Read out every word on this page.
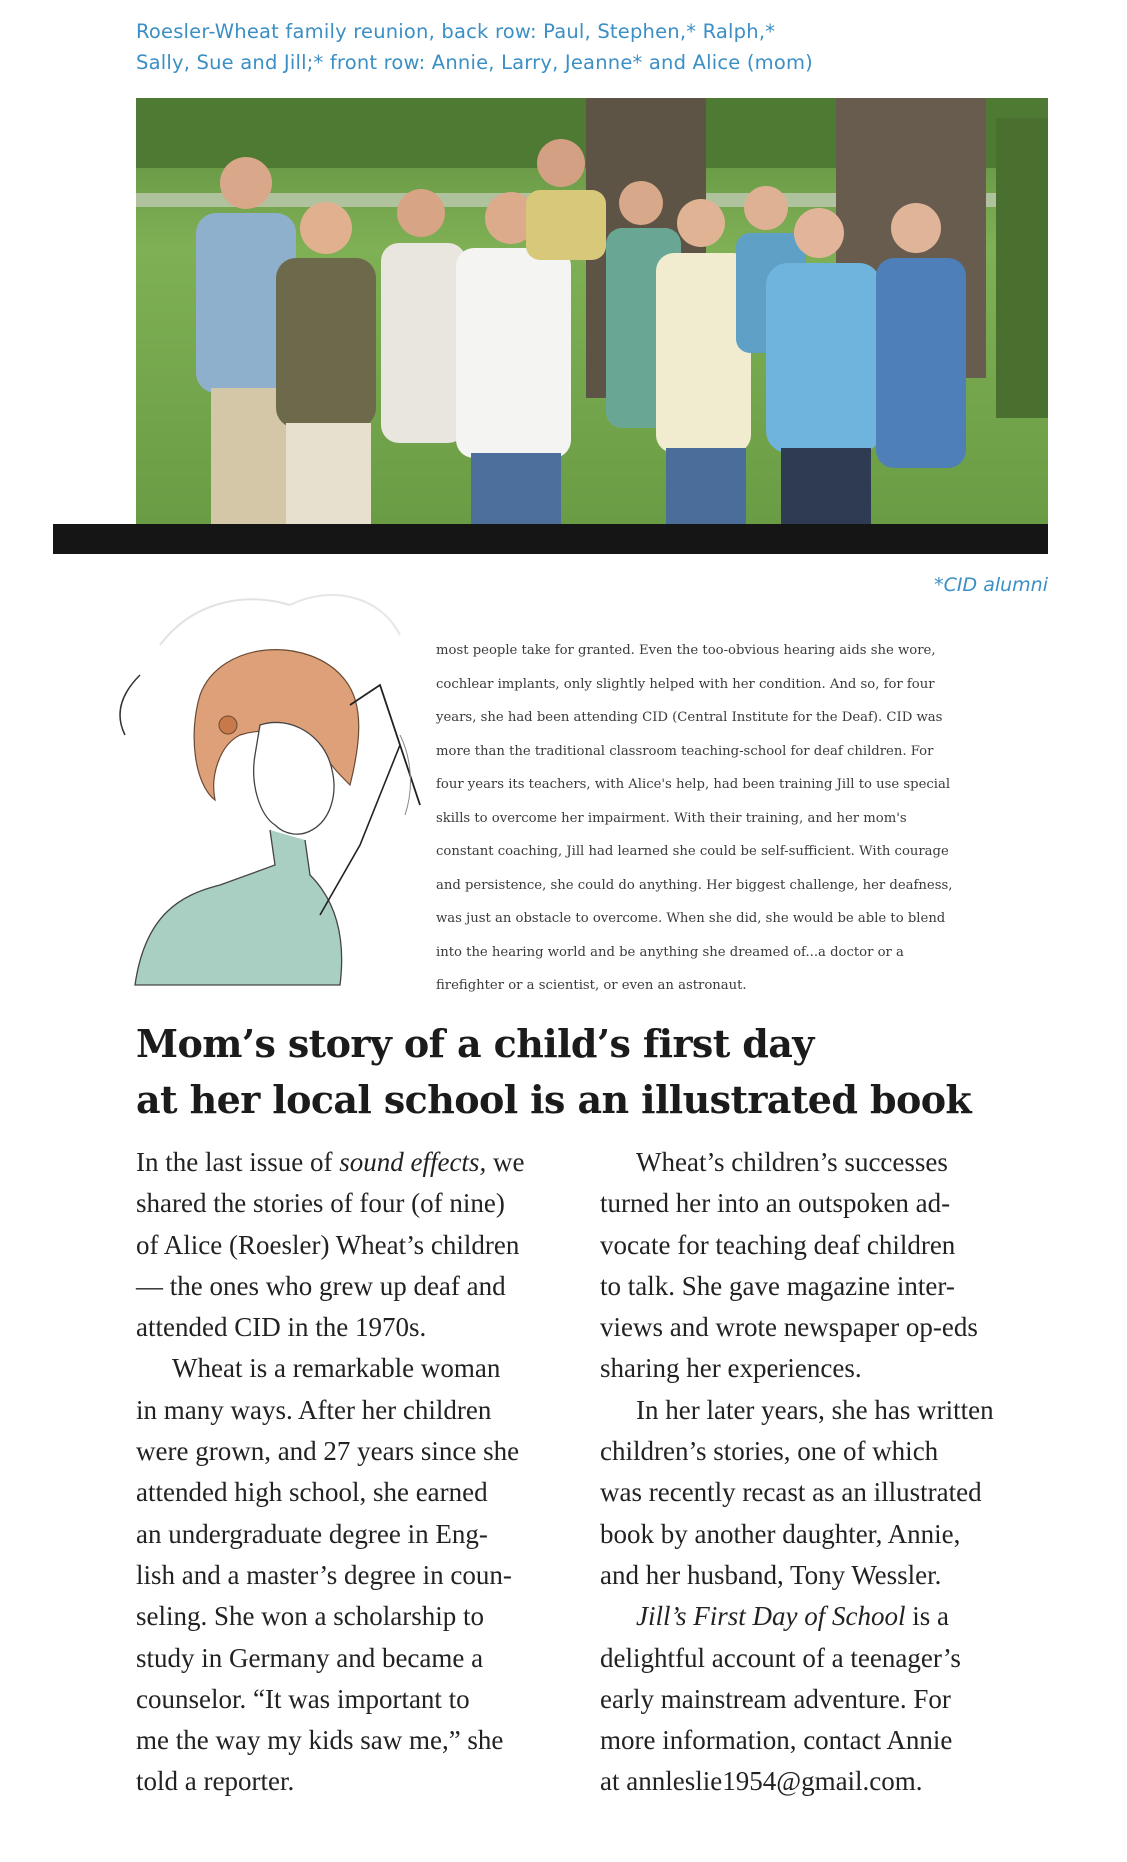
Roesler-Wheat family reunion, back row: Paul, Stephen,* Ralph,*
Sally, Sue and Jill;* front row: Annie, Larry, Jeanne* and Alice (mom)
*CID alumni
most people take for granted. Even the too-obvious hearing aids she wore,
cochlear implants, only slightly helped with her condition. And so, for four
years, she had been attending CID (Central Institute for the Deaf). CID was
more than the traditional classroom teaching-school for deaf children. For
four years its teachers, with Alice's help, had been training Jill to use special
skills to overcome her impairment. With their training, and her mom's
constant coaching, Jill had learned she could be self-sufficient. With courage
and persistence, she could do anything. Her biggest challenge, her deafness,
was just an obstacle to overcome. When she did, she would be able to blend
into the hearing world and be anything she dreamed of...a doctor or a
firefighter or a scientist, or even an astronaut.
Mom’s story of a child’s first day
at her local school is an illustrated book
In the last issue of sound effects, we
shared the stories of four (of nine)
of Alice (Roesler) Wheat’s children
— the ones who grew up deaf and
attended CID in the 1970s.
Wheat is a remarkable woman
in many ways. After her children
were grown, and 27 years since she
attended high school, she earned
an undergraduate degree in Eng-
lish and a master’s degree in coun-
seling. She won a scholarship to
study in Germany and became a
counselor. “It was important to
me the way my kids saw me,” she
told a reporter.
Wheat’s children’s successes
turned her into an outspoken ad-
vocate for teaching deaf children
to talk. She gave magazine inter-
views and wrote newspaper op-eds
sharing her experiences.
In her later years, she has written
children’s stories, one of which
was recently recast as an illustrated
book by another daughter, Annie,
and her husband, Tony Wessler.
Jill’s First Day of School is a
delightful account of a teenager’s
early mainstream adventure. For
more information, contact Annie
at annleslie1954@gmail.com.
